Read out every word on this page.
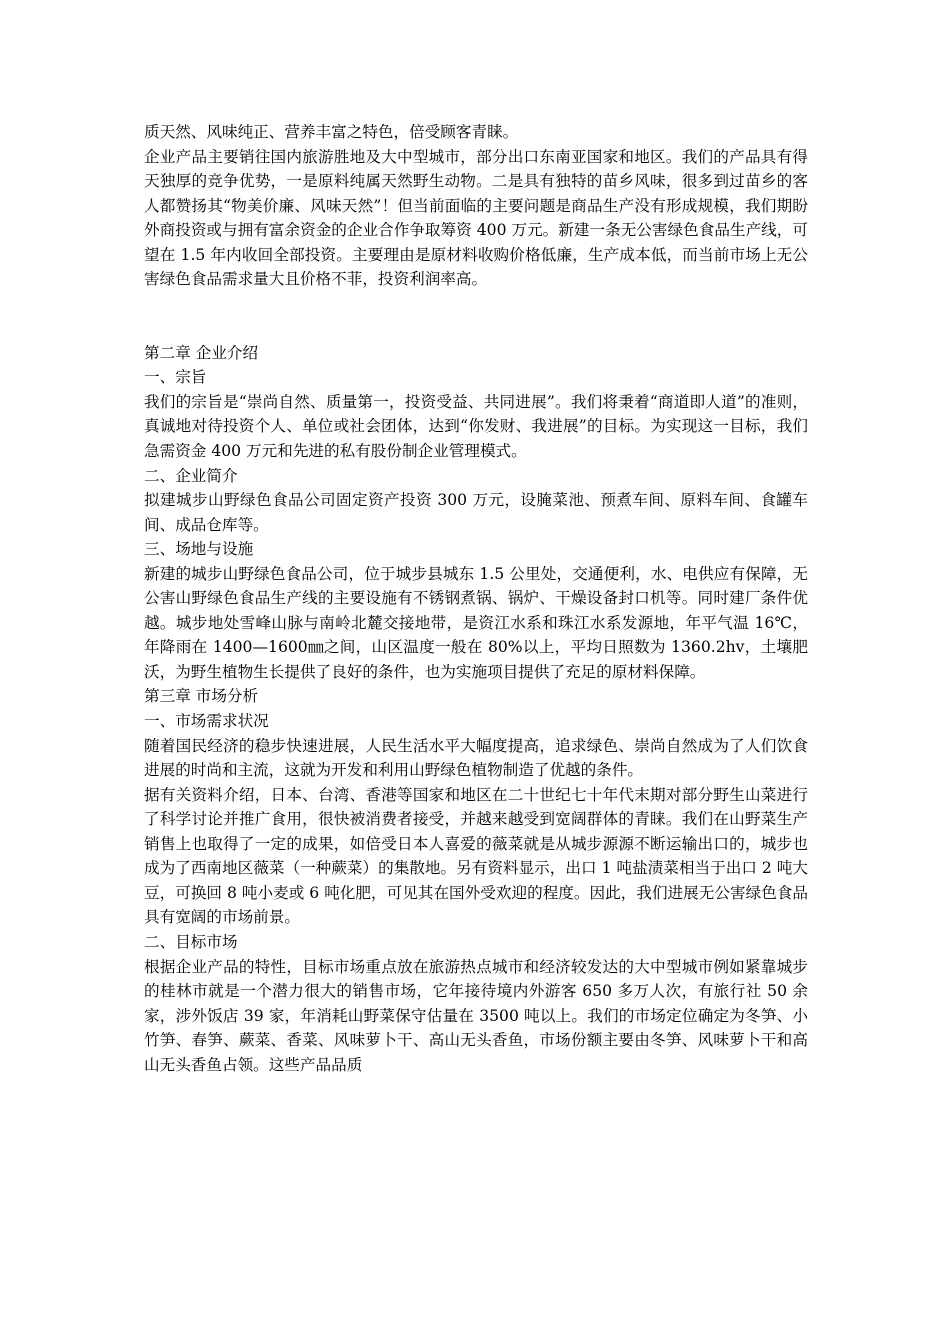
质天然、风味纯正、营养丰富之特色，倍受顾客青睐。

企业产品主要销往国内旅游胜地及大中型城市，部分出口东南亚国家和地区。我们的产品具有得天独厚的竞争优势，一是原料纯属天然野生动物。二是具有独特的苗乡风味，很多到过苗乡的客人都赞扬其“物美价廉、风味天然”！但当前面临的主要问题是商品生产没有形成规模，我们期盼外商投资或与拥有富余资金的企业合作争取筹资 400 万元。新建一条无公害绿色食品生产线，可望在 1.5 年内收回全部投资。主要理由是原材料收购价格低廉，生产成本低，而当前市场上无公害绿色食品需求量大且价格不菲，投资利润率高。

第二章 企业介绍

一、宗旨

我们的宗旨是“崇尚自然、质量第一，投资受益、共同进展”。我们将秉着“商道即人道”的准则，真诚地对待投资个人、单位或社会团体，达到“你发财、我进展”的目标。为实现这一目标，我们急需资金 400 万元和先进的私有股份制企业管理模式。

二、企业简介

拟建城步山野绿色食品公司固定资产投资 300 万元，设腌菜池、预煮车间、原料车间、食罐车间、成品仓库等。

三、场地与设施

新建的城步山野绿色食品公司，位于城步县城东 1.5 公里处，交通便利，水、电供应有保障，无公害山野绿色食品生产线的主要设施有不锈钢煮锅、锅炉、干燥设备封口机等。同时建厂条件优越。城步地处雪峰山脉与南岭北麓交接地带，是资江水系和珠江水系发源地，年平气温 16℃，年降雨在 1400—1600㎜之间，山区温度一般在 80%以上，平均日照数为 1360.2hv，土壤肥沃，为野生植物生长提供了良好的条件，也为实施项目提供了充足的原材料保障。

第三章 市场分析

一、市场需求状况

随着国民经济的稳步快速进展，人民生活水平大幅度提高，追求绿色、崇尚自然成为了人们饮食进展的时尚和主流，这就为开发和利用山野绿色植物制造了优越的条件。

据有关资料介绍，日本、台湾、香港等国家和地区在二十世纪七十年代末期对部分野生山菜进行了科学讨论并推广食用，很快被消费者接受，并越来越受到宽阔群体的青睐。我们在山野菜生产销售上也取得了一定的成果，如倍受日本人喜爱的薇菜就是从城步源源不断运输出口的，城步也成为了西南地区薇菜（一种蕨菜）的集散地。另有资料显示，出口 1 吨盐渍菜相当于出口 2 吨大豆，可换回 8 吨小麦或 6 吨化肥，可见其在国外受欢迎的程度。因此，我们进展无公害绿色食品具有宽阔的市场前景。

二、目标市场

根据企业产品的特性，目标市场重点放在旅游热点城市和经济较发达的大中型城市例如紧靠城步的桂林市就是一个潜力很大的销售市场，它年接待境内外游客 650 多万人次，有旅行社 50 余家，涉外饭店 39 家，年消耗山野菜保守估量在 3500 吨以上。我们的市场定位确定为冬笋、小竹笋、春笋、蕨菜、香菜、风味萝卜干、高山无头香鱼，市场份额主要由冬笋、风味萝卜干和高山无头香鱼占领。这些产品品质
